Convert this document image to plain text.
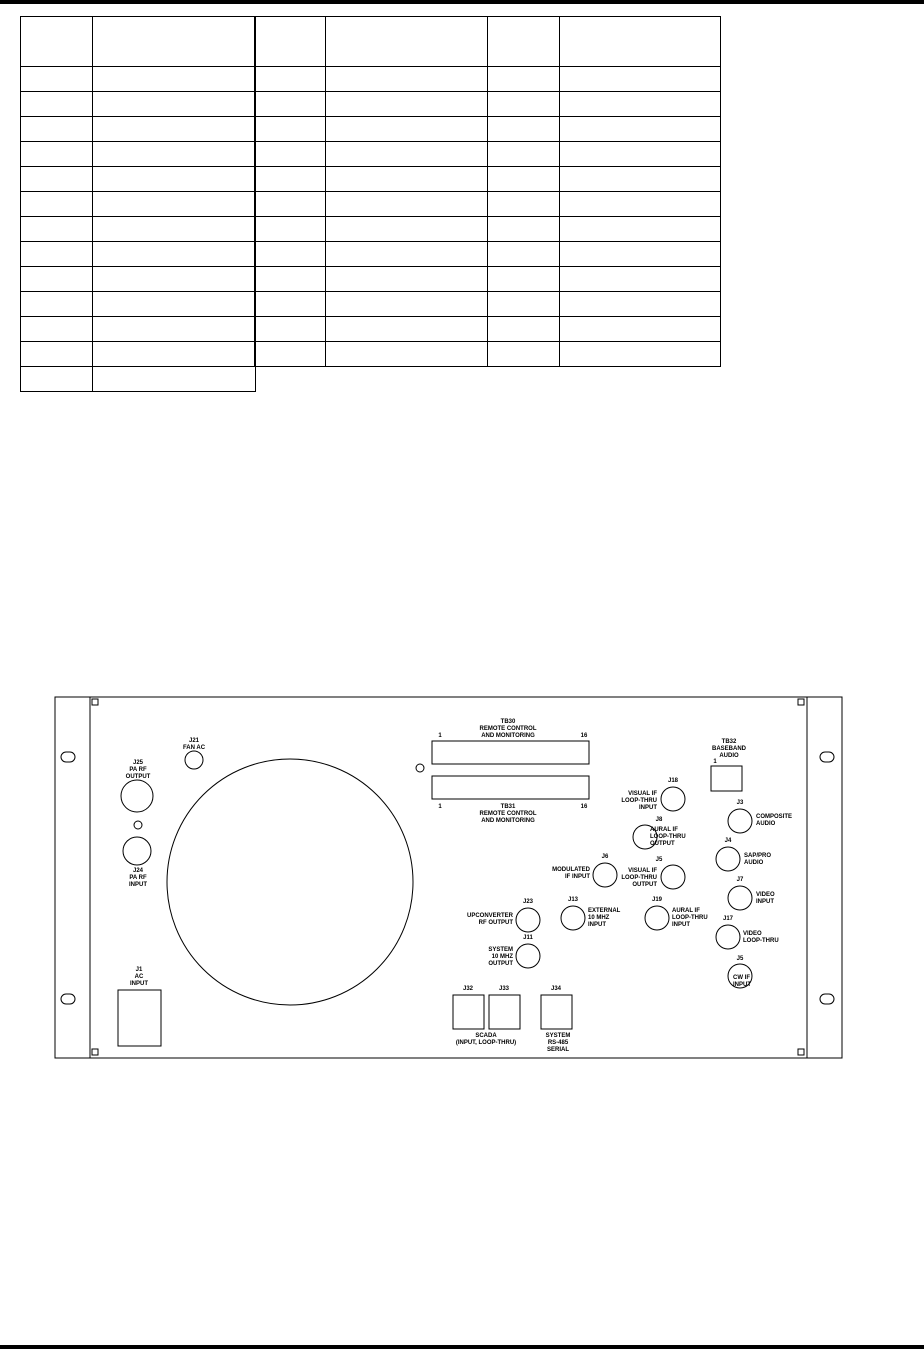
J21
FAN AC
J25
PA RF
OUTPUT
J24
PA RF
INPUT
J1
AC
INPUT
TB30
REMOTE CONTROL
AND MONITORING
1	16
1	16
TB31
REMOTE CONTROL
AND MONITORING
TB32
BASEBAND
AUDIO
1
J18
J3
J8
J4
J6	J5
J7
J23	J13	J19
J17
J11
J5
J32	J33	J34
SCADA
(INPUT, LOOP-THRU)
SYSTEM
RS-485
SERIAL
VISUAL IF
LOOP-THRU
INPUT
MODULATED
IF INPUT
VISUAL IF
LOOP-THRU
OUTPUT
UPCONVERTER
RF OUTPUT
SYSTEM
10 MHZ
OUTPUT
COMPOSITE
AUDIO
AURAL IF
LOOP-THRU
OUTPUT
SAP/PRO
AUDIO
VIDEO
INPUT
EXTERNAL
10 MHZ
INPUT
AURAL IF
LOOP-THRU
INPUT
VIDEO
LOOP-THRU
CW IF
INPUT
